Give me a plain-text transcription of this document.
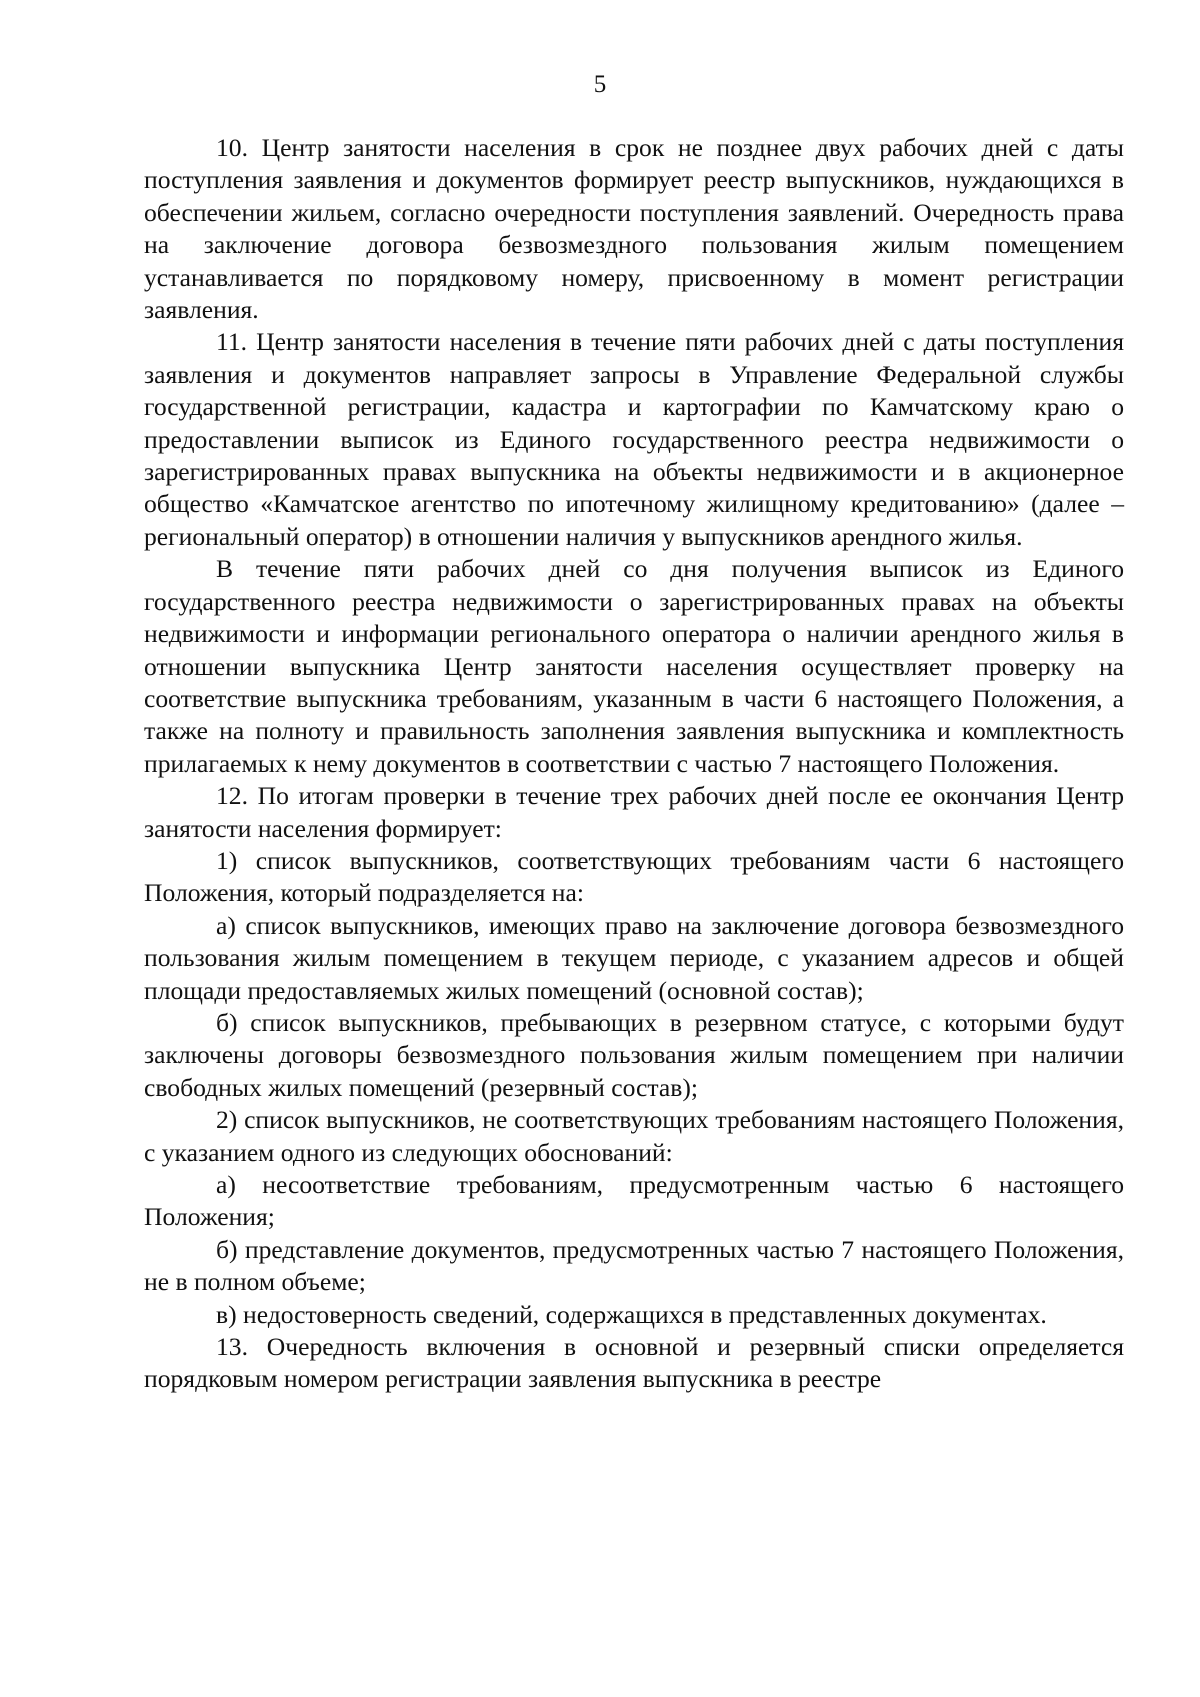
5

10. Центр занятости населения в срок не позднее двух рабочих дней с даты поступления заявления и документов формирует реестр выпускников, нуждающихся в обеспечении жильем, согласно очередности поступления заявлений. Очередность права на заключение договора безвозмездного пользования жилым помещением устанавливается по порядковому номеру, присвоенному в момент регистрации заявления.

11. Центр занятости населения в течение пяти рабочих дней с даты поступления заявления и документов направляет запросы в Управление Федеральной службы государственной регистрации, кадастра и картографии по Камчатскому краю о предоставлении выписок из Единого государственного реестра недвижимости о зарегистрированных правах выпускника на объекты недвижимости и в акционерное общество «Камчатское агентство по ипотечному жилищному кредитованию» (далее – региональный оператор) в отношении наличия у выпускников арендного жилья.

В течение пяти рабочих дней со дня получения выписок из Единого государственного реестра недвижимости о зарегистрированных правах на объекты недвижимости и информации регионального оператора о наличии арендного жилья в отношении выпускника Центр занятости населения осуществляет проверку на соответствие выпускника требованиям, указанным в части 6 настоящего Положения, а также на полноту и правильность заполнения заявления выпускника и комплектность прилагаемых к нему документов в соответствии с частью 7 настоящего Положения.

12. По итогам проверки в течение трех рабочих дней после ее окончания Центр занятости населения формирует:

1) список выпускников, соответствующих требованиям части 6 настоящего Положения, который подразделяется на:

а) список выпускников, имеющих право на заключение договора безвозмездного пользования жилым помещением в текущем периоде, с указанием адресов и общей площади предоставляемых жилых помещений (основной состав);

б) список выпускников, пребывающих в резервном статусе, с которыми будут заключены договоры безвозмездного пользования жилым помещением при наличии свободных жилых помещений (резервный состав);

2) список выпускников, не соответствующих требованиям настоящего Положения, с указанием одного из следующих обоснований:

а) несоответствие требованиям, предусмотренным частью 6 настоящего Положения;

б) представление документов, предусмотренных частью 7 настоящего Положения, не в полном объеме;

в) недостоверность сведений, содержащихся в представленных документах.

13. Очередность включения в основной и резервный списки определяется порядковым номером регистрации заявления выпускника в реестре
